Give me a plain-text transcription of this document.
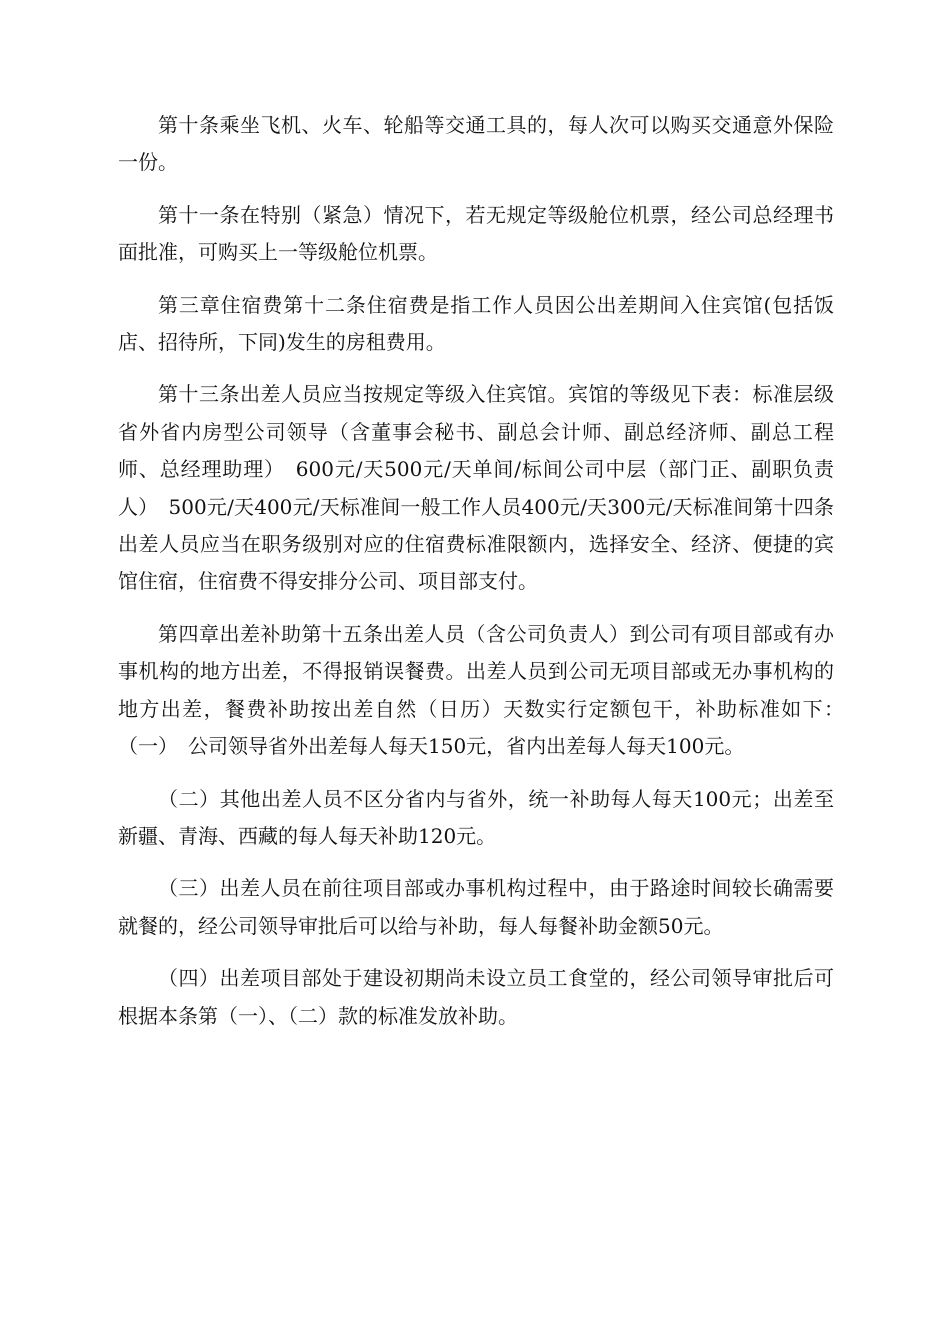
第十条乘坐飞机、火车、轮船等交通工具的，每人次可以购买交通意外保险一份。

第十一条在特别（紧急）情况下，若无规定等级舱位机票，经公司总经理书面批准，可购买上一等级舱位机票。

第三章住宿费第十二条住宿费是指工作人员因公出差期间入住宾馆(包括饭店、招待所，下同)发生的房租费用。

第十三条出差人员应当按规定等级入住宾馆。宾馆的等级见下表：标准层级省外省内房型公司领导（含董事会秘书、副总会计师、副总经济师、副总工程师、总经理助理）　600元/天500元/天单间/标间公司中层（部门正、副职负责人）　500元/天400元/天标准间一般工作人员400元/天300元/天标准间第十四条出差人员应当在职务级别对应的住宿费标准限额内，选择安全、经济、便捷的宾馆住宿，住宿费不得安排分公司、项目部支付。

第四章出差补助第十五条出差人员（含公司负责人）到公司有项目部或有办事机构的地方出差，不得报销误餐费。出差人员到公司无项目部或无办事机构的地方出差，餐费补助按出差自然（日历）天数实行定额包干，补助标准如下：　（一）　公司领导省外出差每人每天150元，省内出差每人每天100元。

（二）其他出差人员不区分省内与省外，统一补助每人每天100元；出差至新疆、青海、西藏的每人每天补助120元。

（三）出差人员在前往项目部或办事机构过程中，由于路途时间较长确需要就餐的，经公司领导审批后可以给与补助，每人每餐补助金额50元。

（四）出差项目部处于建设初期尚未设立员工食堂的，经公司领导审批后可根据本条第（一）、（二）款的标准发放补助。
